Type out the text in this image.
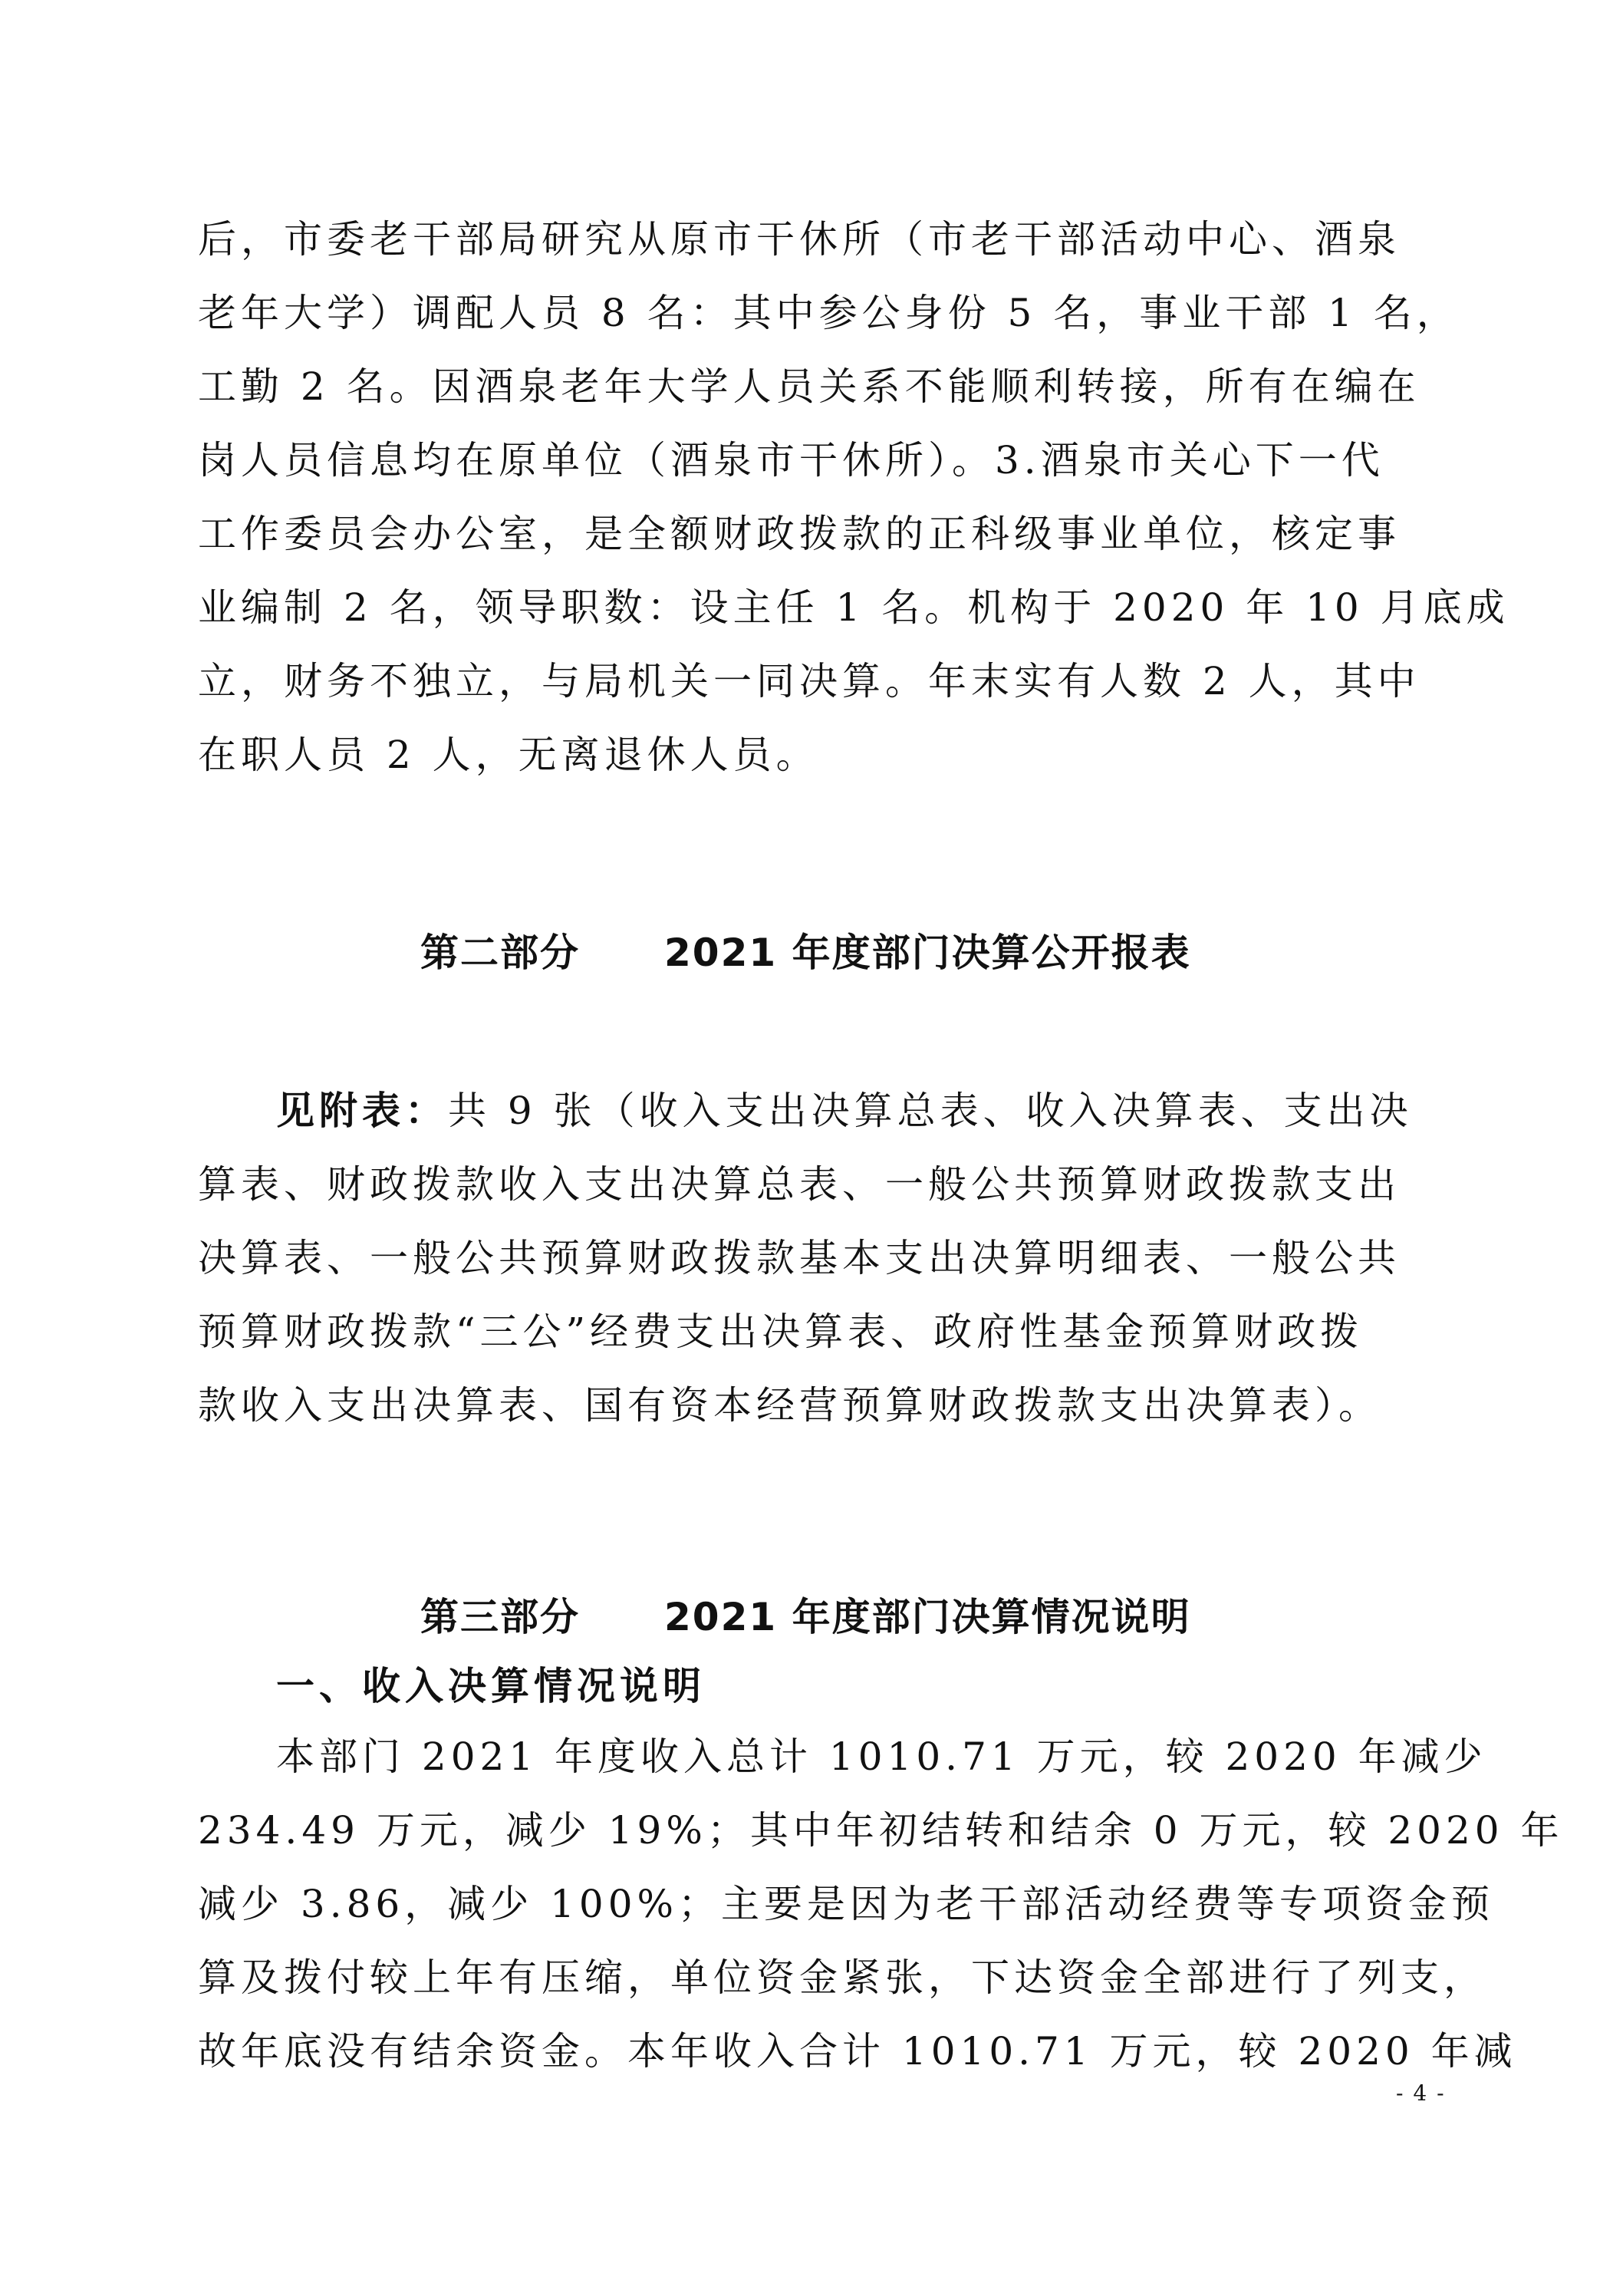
后，市委老干部局研究从原市干休所（市老干部活动中心、酒泉
老年大学）调配人员 8 名：其中参公身份 5 名，事业干部 1 名，
工勤 2 名。因酒泉老年大学人员关系不能顺利转接，所有在编在
岗人员信息均在原单位（酒泉市干休所）。3.酒泉市关心下一代
工作委员会办公室，是全额财政拨款的正科级事业单位，核定事
业编制 2 名，领导职数：设主任 1 名。机构于 2020 年 10 月底成
立，财务不独立，与局机关一同决算。年末实有人数 2 人，其中
在职人员 2 人，无离退休人员。
第二部分 2021 年度部门决算公开报表
见附表：共 9 张（收入支出决算总表、收入决算表、支出决
算表、财政拨款收入支出决算总表、一般公共预算财政拨款支出
决算表、一般公共预算财政拨款基本支出决算明细表、一般公共
预算财政拨款“三公”经费支出决算表、政府性基金预算财政拨
款收入支出决算表、国有资本经营预算财政拨款支出决算表）。
第三部分 2021 年度部门决算情况说明
一、收入决算情况说明
本部门 2021 年度收入总计 1010.71 万元，较 2020 年减少
234.49 万元，减少 19%；其中年初结转和结余 0 万元，较 2020 年
减少 3.86，减少 100%；主要是因为老干部活动经费等专项资金预
算及拨付较上年有压缩，单位资金紧张，下达资金全部进行了列支，
故年底没有结余资金。本年收入合计 1010.71 万元，较 2020 年减
- 4 -
